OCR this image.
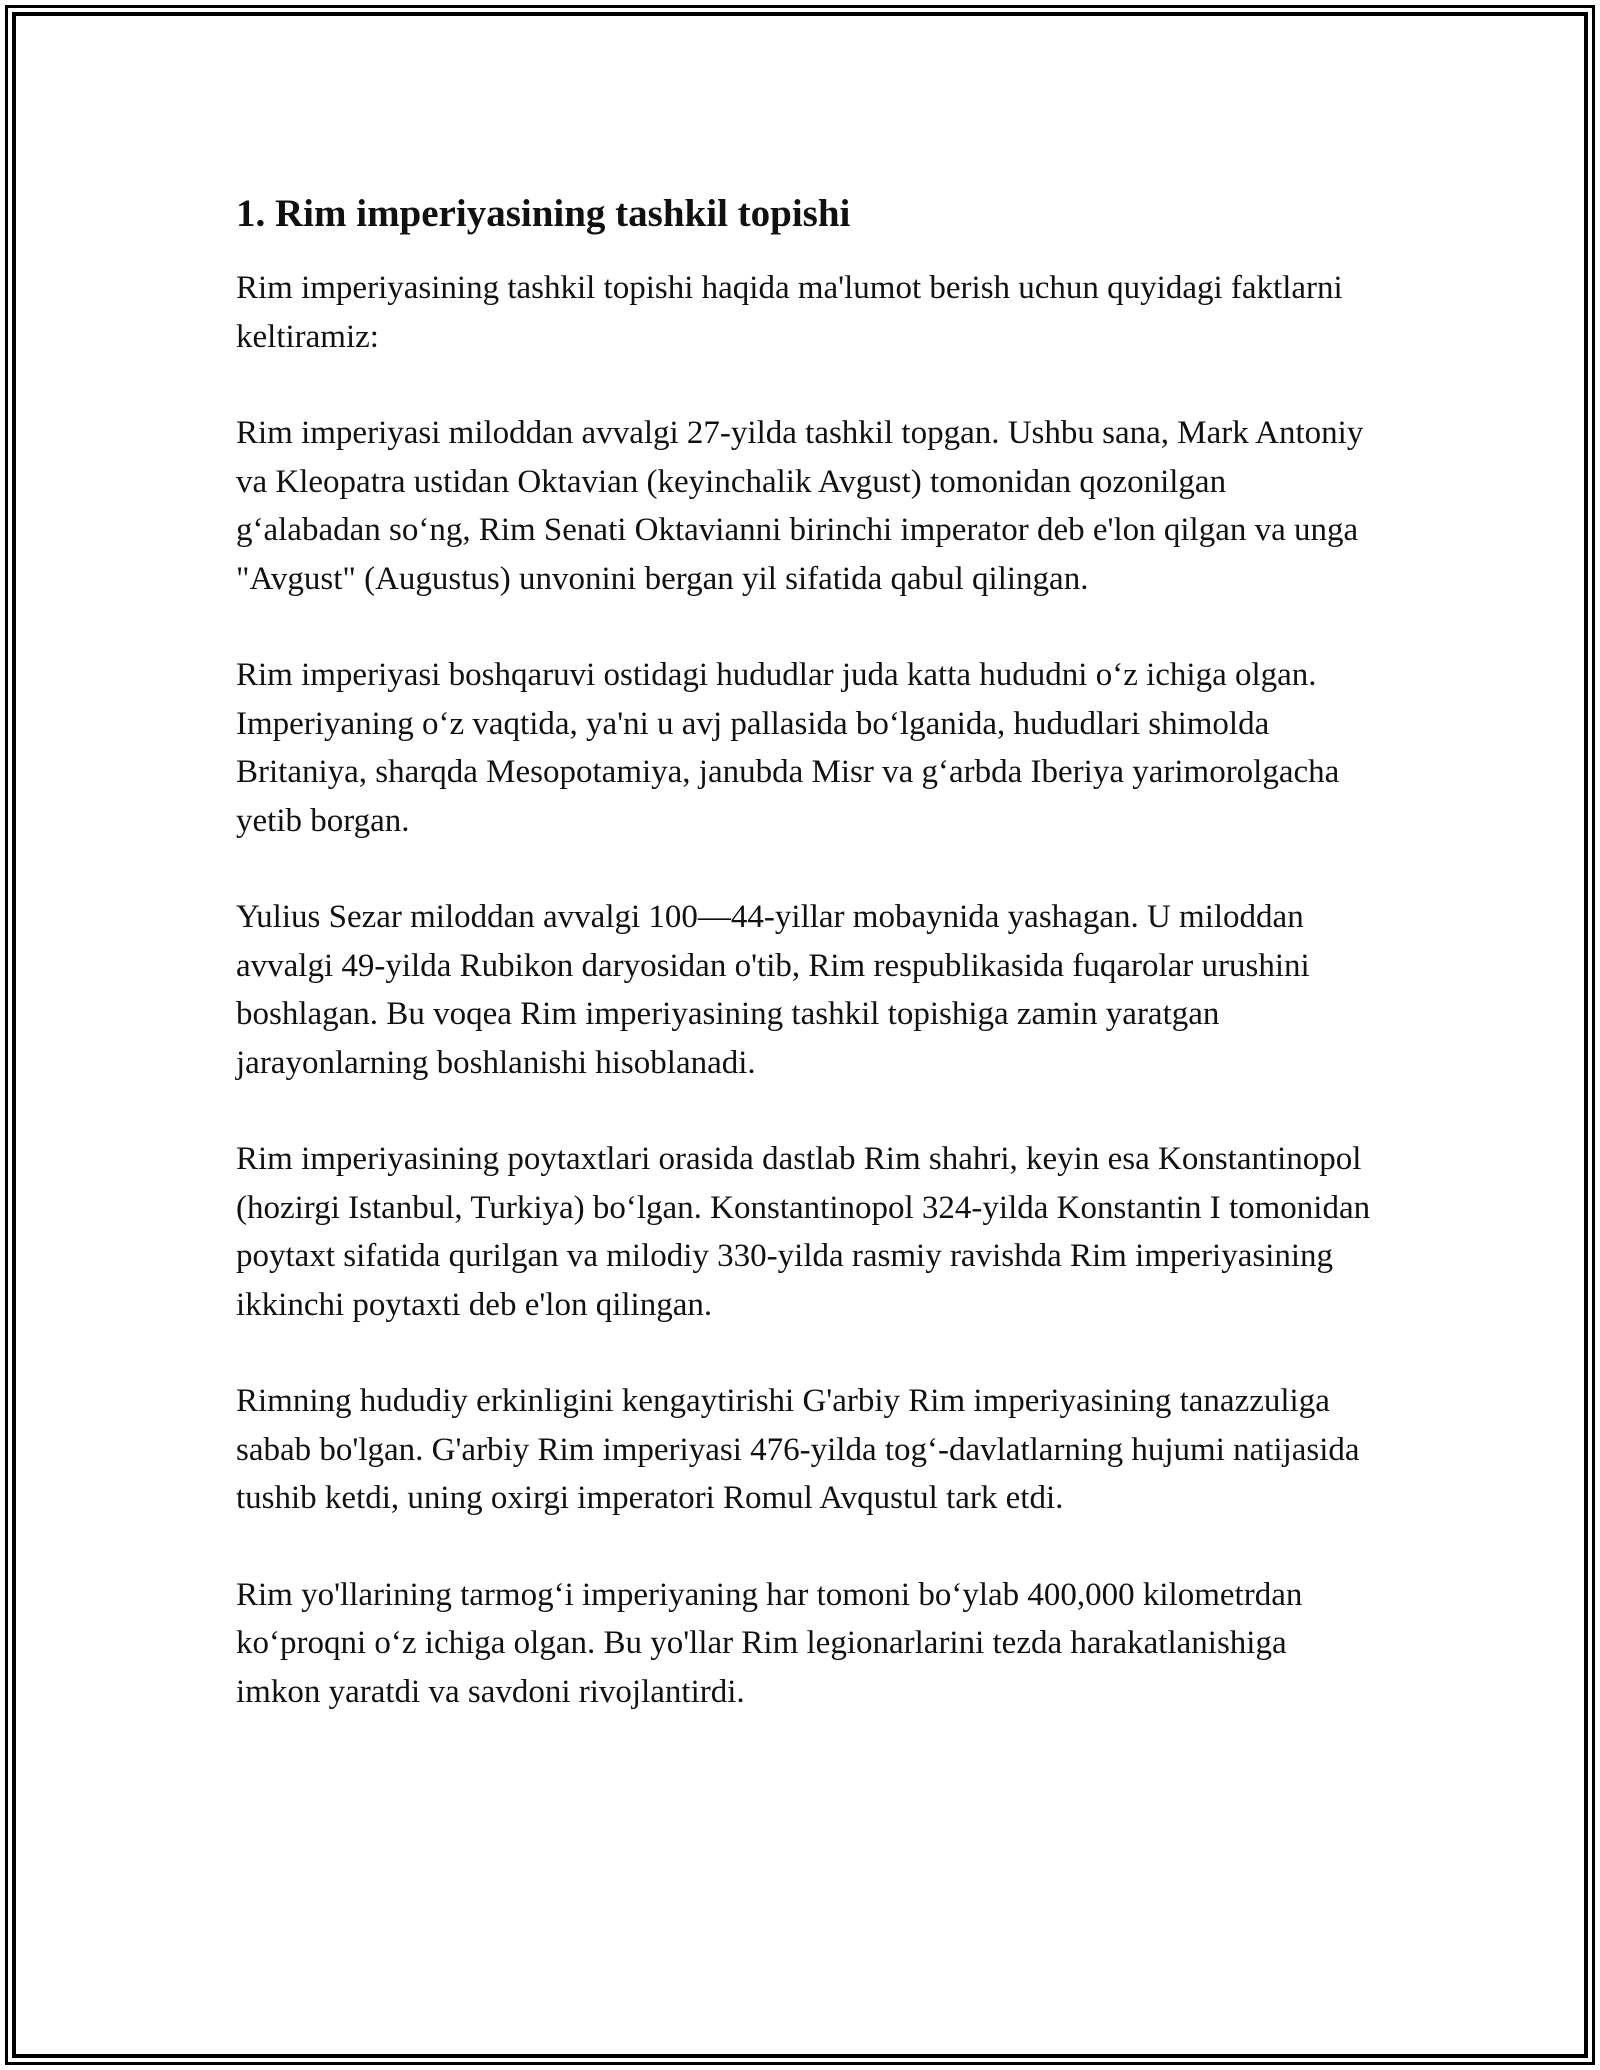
1. Rim imperiyasining tashkil topishi

Rim imperiyasining tashkil topishi haqida ma'lumot berish uchun quyidagi faktlarni keltiramiz:

Rim imperiyasi miloddan avvalgi 27-yilda tashkil topgan. Ushbu sana, Mark Antoniy va Kleopatra ustidan Oktavian (keyinchalik Avgust) tomonidan qozonilgan g‘alabadan so‘ng, Rim Senati Oktavianni birinchi imperator deb e'lon qilgan va unga "Avgust" (Augustus) unvonini bergan yil sifatida qabul qilingan.

Rim imperiyasi boshqaruvi ostidagi hududlar juda katta hududni o‘z ichiga olgan. Imperiyaning o‘z vaqtida, ya'ni u avj pallasida bo‘lganida, hududlari shimolda Britaniya, sharqda Mesopotamiya, janubda Misr va g‘arbda Iberiya yarimorolgacha yetib borgan.

Yulius Sezar miloddan avvalgi 100—44-yillar mobaynida yashagan. U miloddan avvalgi 49-yilda Rubikon daryosidan o'tib, Rim respublikasida fuqarolar urushini boshlagan. Bu voqea Rim imperiyasining tashkil topishiga zamin yaratgan jarayonlarning boshlanishi hisoblanadi.

Rim imperiyasining poytaxtlari orasida dastlab Rim shahri, keyin esa Konstantinopol (hozirgi Istanbul, Turkiya) bo‘lgan. Konstantinopol 324-yilda Konstantin I tomonidan poytaxt sifatida qurilgan va milodiy 330-yilda rasmiy ravishda Rim imperiyasining ikkinchi poytaxti deb e'lon qilingan.

Rimning hududiy erkinligini kengaytirishi G'arbiy Rim imperiyasining tanazzuliga sabab bo'lgan. G'arbiy Rim imperiyasi 476-yilda tog‘-davlatlarning hujumi natijasida tushib ketdi, uning oxirgi imperatori Romul Avqustul tark etdi.

Rim yo'llarining tarmog‘i imperiyaning har tomoni bo‘ylab 400,000 kilometrdan ko‘proqni o‘z ichiga olgan. Bu yo'llar Rim legionarlarini tezda harakatlanishiga imkon yaratdi va savdoni rivojlantirdi.
